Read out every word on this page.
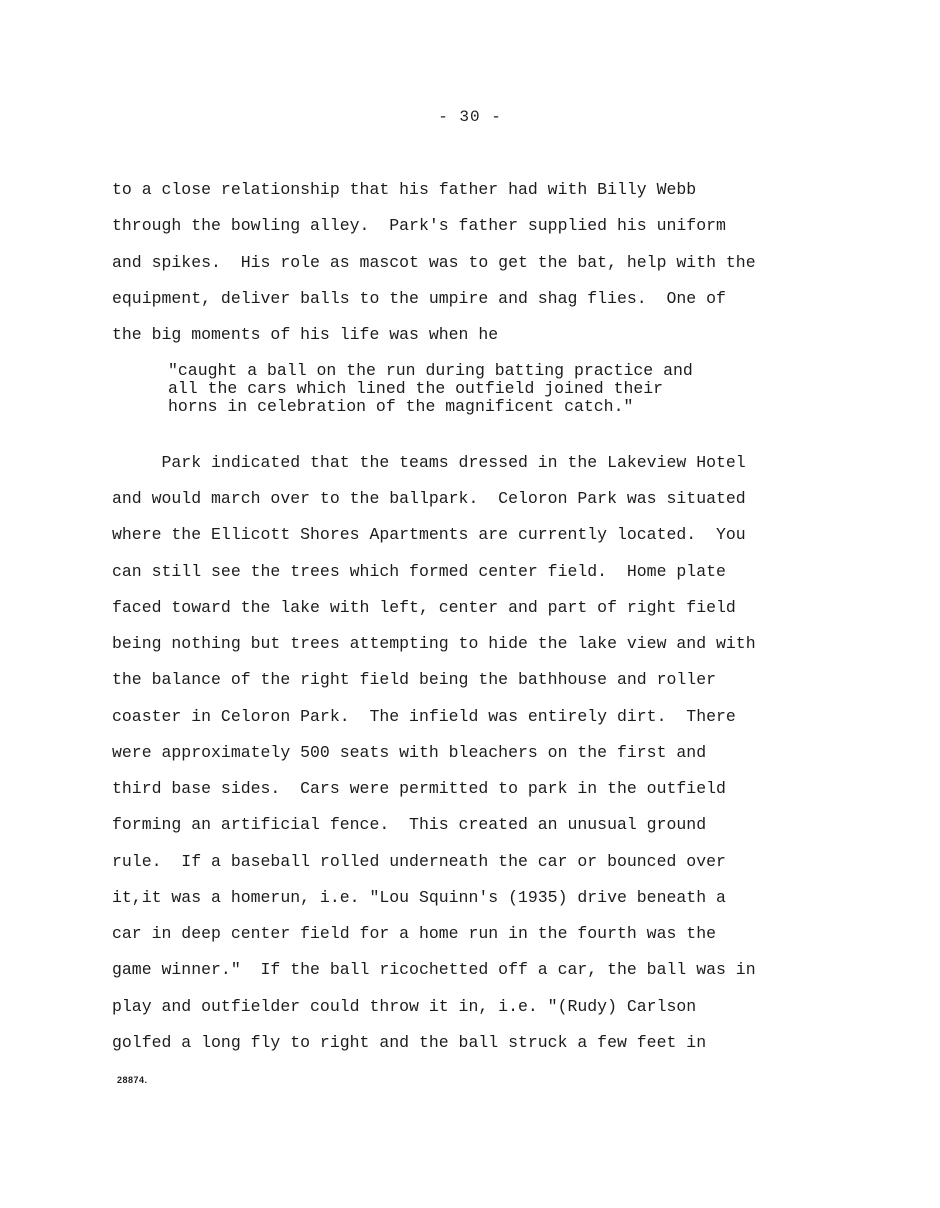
- 30 -
to a close relationship that his father had with Billy Webb
through the bowling alley.  Park's father supplied his uniform
and spikes.  His role as mascot was to get the bat, help with the
equipment, deliver balls to the umpire and shag flies.  One of
the big moments of his life was when he
"caught a ball on the run during batting practice and
all the cars which lined the outfield joined their
horns in celebration of the magnificent catch."
Park indicated that the teams dressed in the Lakeview Hotel
and would march over to the ballpark.  Celoron Park was situated
where the Ellicott Shores Apartments are currently located.  You
can still see the trees which formed center field.  Home plate
faced toward the lake with left, center and part of right field
being nothing but trees attempting to hide the lake view and with
the balance of the right field being the bathhouse and roller
coaster in Celoron Park.  The infield was entirely dirt.  There
were approximately 500 seats with bleachers on the first and
third base sides.  Cars were permitted to park in the outfield
forming an artificial fence.  This created an unusual ground
rule.  If a baseball rolled underneath the car or bounced over
it,it was a homerun, i.e. "Lou Squinn's (1935) drive beneath a
car in deep center field for a home run in the fourth was the
game winner."  If the ball ricochetted off a car, the ball was in
play and outfielder could throw it in, i.e. "(Rudy) Carlson
golfed a long fly to right and the ball struck a few feet in
28874.
